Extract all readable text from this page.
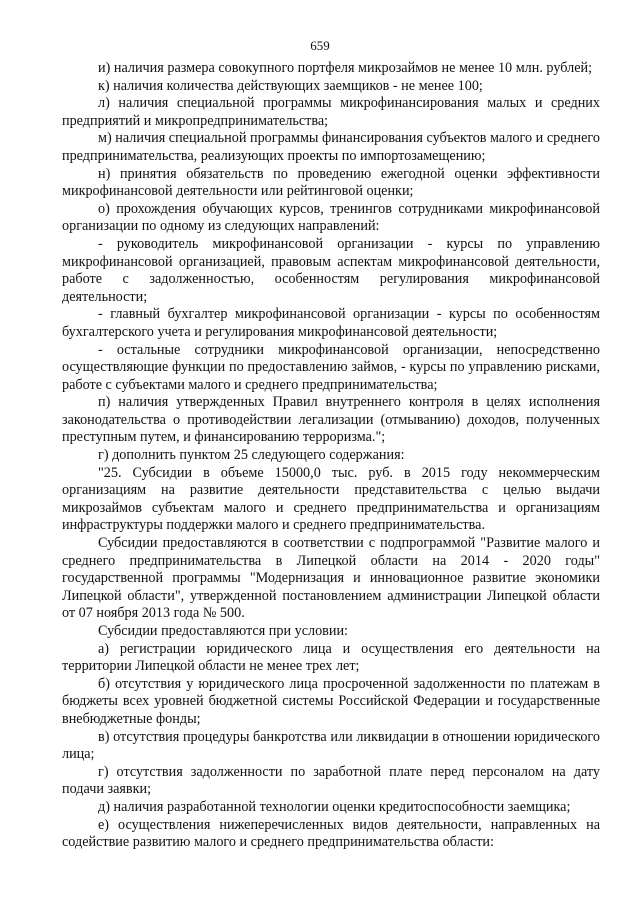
659

и) наличия размера совокупного портфеля микрозаймов не менее 10 млн. рублей;

к) наличия количества действующих заемщиков - не менее 100;

л) наличия специальной программы микрофинансирования малых и средних предприятий и микропредпринимательства;

м) наличия специальной программы финансирования субъектов малого и среднего предпринимательства, реализующих проекты по импортозамещению;

н) принятия обязательств по проведению ежегодной оценки эффективности микрофинансовой деятельности или рейтинговой оценки;

о) прохождения обучающих курсов, тренингов сотрудниками микрофинансовой организации по одному из следующих направлений:

- руководитель микрофинансовой организации - курсы по управлению микрофинансовой организацией, правовым аспектам микрофинансовой деятельности, работе с задолженностью, особенностям регулирования микрофинансовой деятельности;

- главный бухгалтер микрофинансовой организации - курсы по особенностям бухгалтерского учета и регулирования микрофинансовой деятельности;

- остальные сотрудники микрофинансовой организации, непосредственно осуществляющие функции по предоставлению займов, - курсы по управлению рисками, работе с субъектами малого и среднего предпринимательства;

п) наличия утвержденных Правил внутреннего контроля в целях исполнения законодательства о противодействии легализации (отмыванию) доходов, полученных преступным путем, и финансированию терроризма.";

г) дополнить пунктом 25 следующего содержания:

"25. Субсидии в объеме 15000,0 тыс. руб. в 2015 году некоммерческим организациям на развитие деятельности представительства с целью выдачи микрозаймов субъектам малого и среднего предпринимательства и организациям инфраструктуры поддержки малого и среднего предпринимательства.

Субсидии предоставляются в соответствии с подпрограммой "Развитие малого и среднего предпринимательства в Липецкой области на 2014 - 2020 годы" государственной программы "Модернизация и инновационное развитие экономики Липецкой области", утвержденной постановлением администрации Липецкой области от 07 ноября 2013 года № 500.

Субсидии предоставляются при условии:

а) регистрации юридического лица и осуществления его деятельности на территории Липецкой области не менее трех лет;

б) отсутствия у юридического лица просроченной задолженности по платежам в бюджеты всех уровней бюджетной системы Российской Федерации и государственные внебюджетные фонды;

в) отсутствия процедуры банкротства или ликвидации в отношении юридического лица;

г) отсутствия задолженности по заработной плате перед персоналом на дату подачи заявки;

д) наличия разработанной технологии оценки кредитоспособности заемщика;

е) осуществления нижеперечисленных видов деятельности, направленных на содействие развитию малого и среднего предпринимательства области:
